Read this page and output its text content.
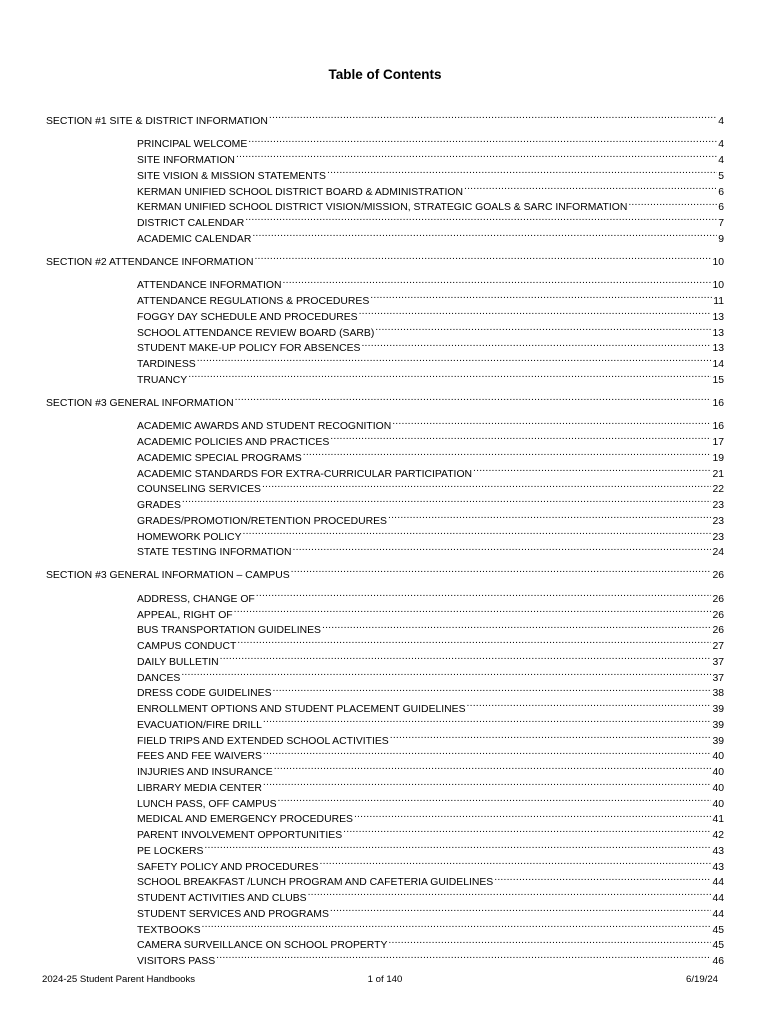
Table of Contents
SECTION #1 SITE & DISTRICT INFORMATION .....	4
PRINCIPAL WELCOME .....	4
SITE INFORMATION .....	4
SITE VISION & MISSION STATEMENTS .....	5
KERMAN UNIFIED SCHOOL DISTRICT BOARD & ADMINISTRATION .....	6
KERMAN UNIFIED SCHOOL DISTRICT VISION/MISSION, STRATEGIC GOALS & SARC INFORMATION .....	6
DISTRICT CALENDAR .....	7
ACADEMIC CALENDAR .....	9
SECTION #2 ATTENDANCE INFORMATION .....	10
ATTENDANCE INFORMATION .....	10
ATTENDANCE REGULATIONS & PROCEDURES .....	11
FOGGY DAY SCHEDULE AND PROCEDURES .....	13
SCHOOL ATTENDANCE REVIEW BOARD (SARB) .....	13
STUDENT MAKE-UP POLICY FOR ABSENCES .....	13
TARDINESS .....	14
TRUANCY .....	15
SECTION #3 GENERAL INFORMATION .....	16
ACADEMIC AWARDS AND STUDENT RECOGNITION .....	16
ACADEMIC POLICIES AND PRACTICES .....	17
ACADEMIC SPECIAL PROGRAMS .....	19
ACADEMIC STANDARDS FOR EXTRA-CURRICULAR PARTICIPATION .....	21
COUNSELING SERVICES .....	22
GRADES .....	23
GRADES/PROMOTION/RETENTION PROCEDURES .....	23
HOMEWORK POLICY .....	23
STATE TESTING INFORMATION .....	24
SECTION #3 GENERAL INFORMATION – CAMPUS .....	26
ADDRESS, CHANGE OF .....	26
APPEAL, RIGHT OF .....	26
BUS TRANSPORTATION GUIDELINES .....	26
CAMPUS CONDUCT .....	27
DAILY BULLETIN .....	37
DANCES .....	37
DRESS CODE GUIDELINES .....	38
ENROLLMENT OPTIONS AND STUDENT PLACEMENT GUIDELINES .....	39
EVACUATION/FIRE DRILL .....	39
FIELD TRIPS AND EXTENDED SCHOOL ACTIVITIES .....	39
FEES AND FEE WAIVERS .....	40
INJURIES AND INSURANCE .....	40
LIBRARY MEDIA CENTER .....	40
LUNCH PASS, OFF CAMPUS .....	40
MEDICAL AND EMERGENCY PROCEDURES .....	41
PARENT INVOLVEMENT OPPORTUNITIES .....	42
PE LOCKERS .....	43
SAFETY POLICY AND PROCEDURES .....	43
SCHOOL BREAKFAST /LUNCH PROGRAM AND CAFETERIA GUIDELINES .....	44
STUDENT ACTIVITIES AND CLUBS .....	44
STUDENT SERVICES AND PROGRAMS .....	44
TEXTBOOKS .....	45
CAMERA SURVEILLANCE ON SCHOOL PROPERTY .....	45
VISITORS PASS .....	46
2024-25 Student Parent Handbooks	1 of 140	6/19/24
